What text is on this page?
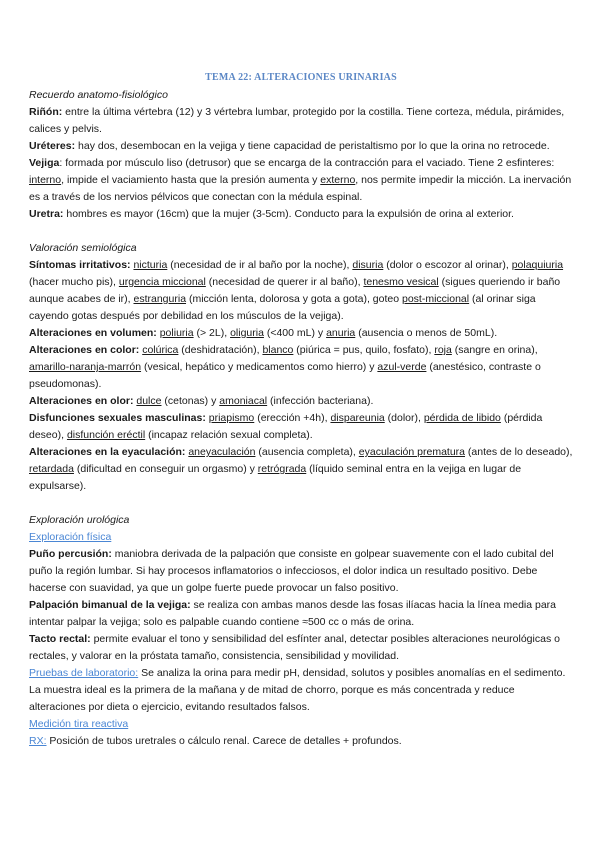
TEMA 22: ALTERACIONES URINARIAS
Recuerdo anatomo-fisiológico

Riñón: entre la última vértebra (12) y 3 vértebra lumbar, protegido por la costilla. Tiene corteza, médula, pirámides, calices y pelvis.

Uréteres: hay dos, desembocan en la vejiga y tiene capacidad de peristaltismo por lo que la orina no retrocede.

Vejiga: formada por músculo liso (detrusor) que se encarga de la contracción para el vaciado. Tiene 2 esfinteres: interno, impide el vaciamiento hasta que la presión aumenta y externo, nos permite impedir la micción. La inervación es a través de los nervios pélvicos que conectan con la médula espinal.

Uretra: hombres es mayor (16cm) que la mujer (3-5cm). Conducto para la expulsión de orina al exterior.

Valoración semiológica

Síntomas irritativos: nicturia (necesidad de ir al baño por la noche), disuria (dolor o escozor al orinar), polaquiuria (hacer mucho pis), urgencia miccional (necesidad de querer ir al baño), tenesmo vesical (sigues queriendo ir baño aunque acabes de ir), estranguria (micción lenta, dolorosa y gota a gota), goteo post-miccional (al orinar siga cayendo gotas después por debilidad en los músculos de la vejiga).

Alteraciones en volumen: poliuria (> 2L), oliguria (<400 mL) y anuria (ausencia o menos de 50mL).

Alteraciones en color: colúrica (deshidratación), blanco (piúrica = pus, quilo, fosfato), roja (sangre en orina), amarillo-naranja-marrón (vesical, hepático y medicamentos como hierro) y azul-verde (anestésico, contraste o pseudomonas).

Alteraciones en olor: dulce (cetonas) y amoniacal (infección bacteriana).

Disfunciones sexuales masculinas: priapismo (erección +4h), dispareunia (dolor), pérdida de libido (pérdida deseo), disfunción eréctil (incapaz relación sexual completa).

Alteraciones en la eyaculación: aneyaculación (ausencia completa), eyaculación prematura (antes de lo deseado), retardada (dificultad en conseguir un orgasmo) y retrógrada (líquido seminal entra en la vejiga en lugar de expulsarse).

Exploración urológica

Exploración física

Puño percusión: maniobra derivada de la palpación que consiste en golpear suavemente con el lado cubital del puño la región lumbar. Si hay procesos inflamatorios o infecciosos, el dolor indica un resultado positivo. Debe hacerse con suavidad, ya que un golpe fuerte puede provocar un falso positivo.

Palpación bimanual de la vejiga: se realiza con ambas manos desde las fosas ilíacas hacia la línea media para intentar palpar la vejiga; solo es palpable cuando contiene ≈500 cc o más de orina.

Tacto rectal: permite evaluar el tono y sensibilidad del esfínter anal, detectar posibles alteraciones neurológicas o rectales, y valorar en la próstata tamaño, consistencia, sensibilidad y movilidad.

Pruebas de laboratorio: Se analiza la orina para medir pH, densidad, solutos y posibles anomalías en el sedimento. La muestra ideal es la primera de la mañana y de mitad de chorro, porque es más concentrada y reduce alteraciones por dieta o ejercicio, evitando resultados falsos.

Medición tira reactiva

RX: Posición de tubos uretrales o cálculo renal. Carece de detalles + profundos.
